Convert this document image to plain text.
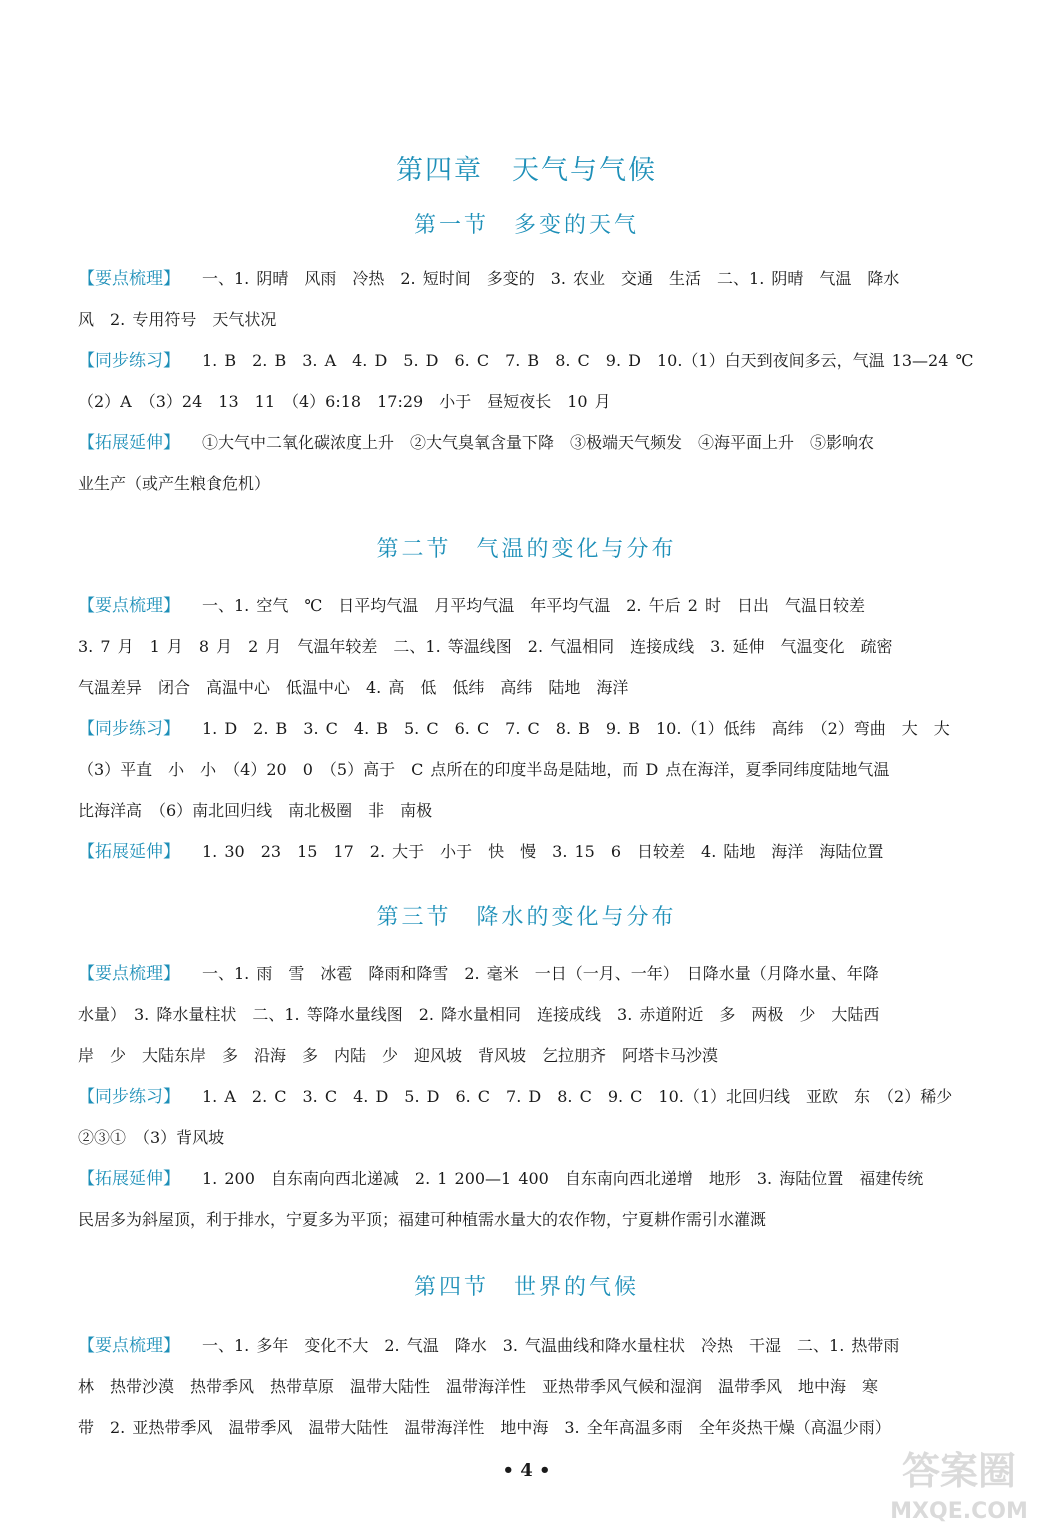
第四章　天气与气候
第一节　多变的天气
【要点梳理】 一、1. 阴晴　风雨　冷热　2. 短时间　多变的　3. 农业　交通　生活　二、1. 阴晴　气温　降水
风　2. 专用符号　天气状况
【同步练习】 1. B　2. B　3. A　4. D　5. D　6. C　7. B　8. C　9. D　10.（1）白天到夜间多云，气温 13—24 ℃
（2）A　（3）24　13　11　（4）6:18　17:29　小于　昼短夜长　10 月
【拓展延伸】 ①大气中二氧化碳浓度上升　②大气臭氧含量下降　③极端天气频发　④海平面上升　⑤影响农
业生产（或产生粮食危机）
第二节　气温的变化与分布
【要点梳理】 一、1. 空气　℃　日平均气温　月平均气温　年平均气温　2. 午后 2 时　日出　气温日较差
3. 7 月　1 月　8 月　2 月　气温年较差　二、1. 等温线图　2. 气温相同　连接成线　3. 延伸　气温变化　疏密
气温差异　闭合　高温中心　低温中心　4. 高　低　低纬　高纬　陆地　海洋
【同步练习】 1. D　2. B　3. C　4. B　5. C　6. C　7. C　8. B　9. B　10.（1）低纬　高纬　（2）弯曲　大　大
（3）平直　小　小　（4）20　0　（5）高于　C 点所在的印度半岛是陆地，而 D 点在海洋，夏季同纬度陆地气温
比海洋高　（6）南北回归线　南北极圈　非　南极
【拓展延伸】 1. 30　23　15　17　2. 大于　小于　快　慢　3. 15　6　日较差　4. 陆地　海洋　海陆位置
第三节　降水的变化与分布
【要点梳理】 一、1. 雨　雪　冰雹　降雨和降雪　2. 毫米　一日（一月、一年）　日降水量（月降水量、年降
水量）　3. 降水量柱状　二、1. 等降水量线图　2. 降水量相同　连接成线　3. 赤道附近　多　两极　少　大陆西
岸　少　大陆东岸　多　沿海　多　内陆　少　迎风坡　背风坡　乞拉朋齐　阿塔卡马沙漠
【同步练习】 1. A　2. C　3. C　4. D　5. D　6. C　7. D　8. C　9. C　10.（1）北回归线　亚欧　东　（2）稀少
②③①　（3）背风坡
【拓展延伸】 1. 200　自东南向西北递减　2. 1 200—1 400　自东南向西北递增　地形　3. 海陆位置　福建传统
民居多为斜屋顶，利于排水，宁夏多为平顶；福建可种植需水量大的农作物，宁夏耕作需引水灌溉
第四节　世界的气候
【要点梳理】 一、1. 多年　变化不大　2. 气温　降水　3. 气温曲线和降水量柱状　冷热　干湿　二、1. 热带雨
林　热带沙漠　热带季风　热带草原　温带大陆性　温带海洋性　亚热带季风气候和湿润　温带季风　地中海　寒
带　2. 亚热带季风　温带季风　温带大陆性　温带海洋性　地中海　3. 全年高温多雨　全年炎热干燥（高温少雨）
• 4 •	答案圈
MXQE.COM
